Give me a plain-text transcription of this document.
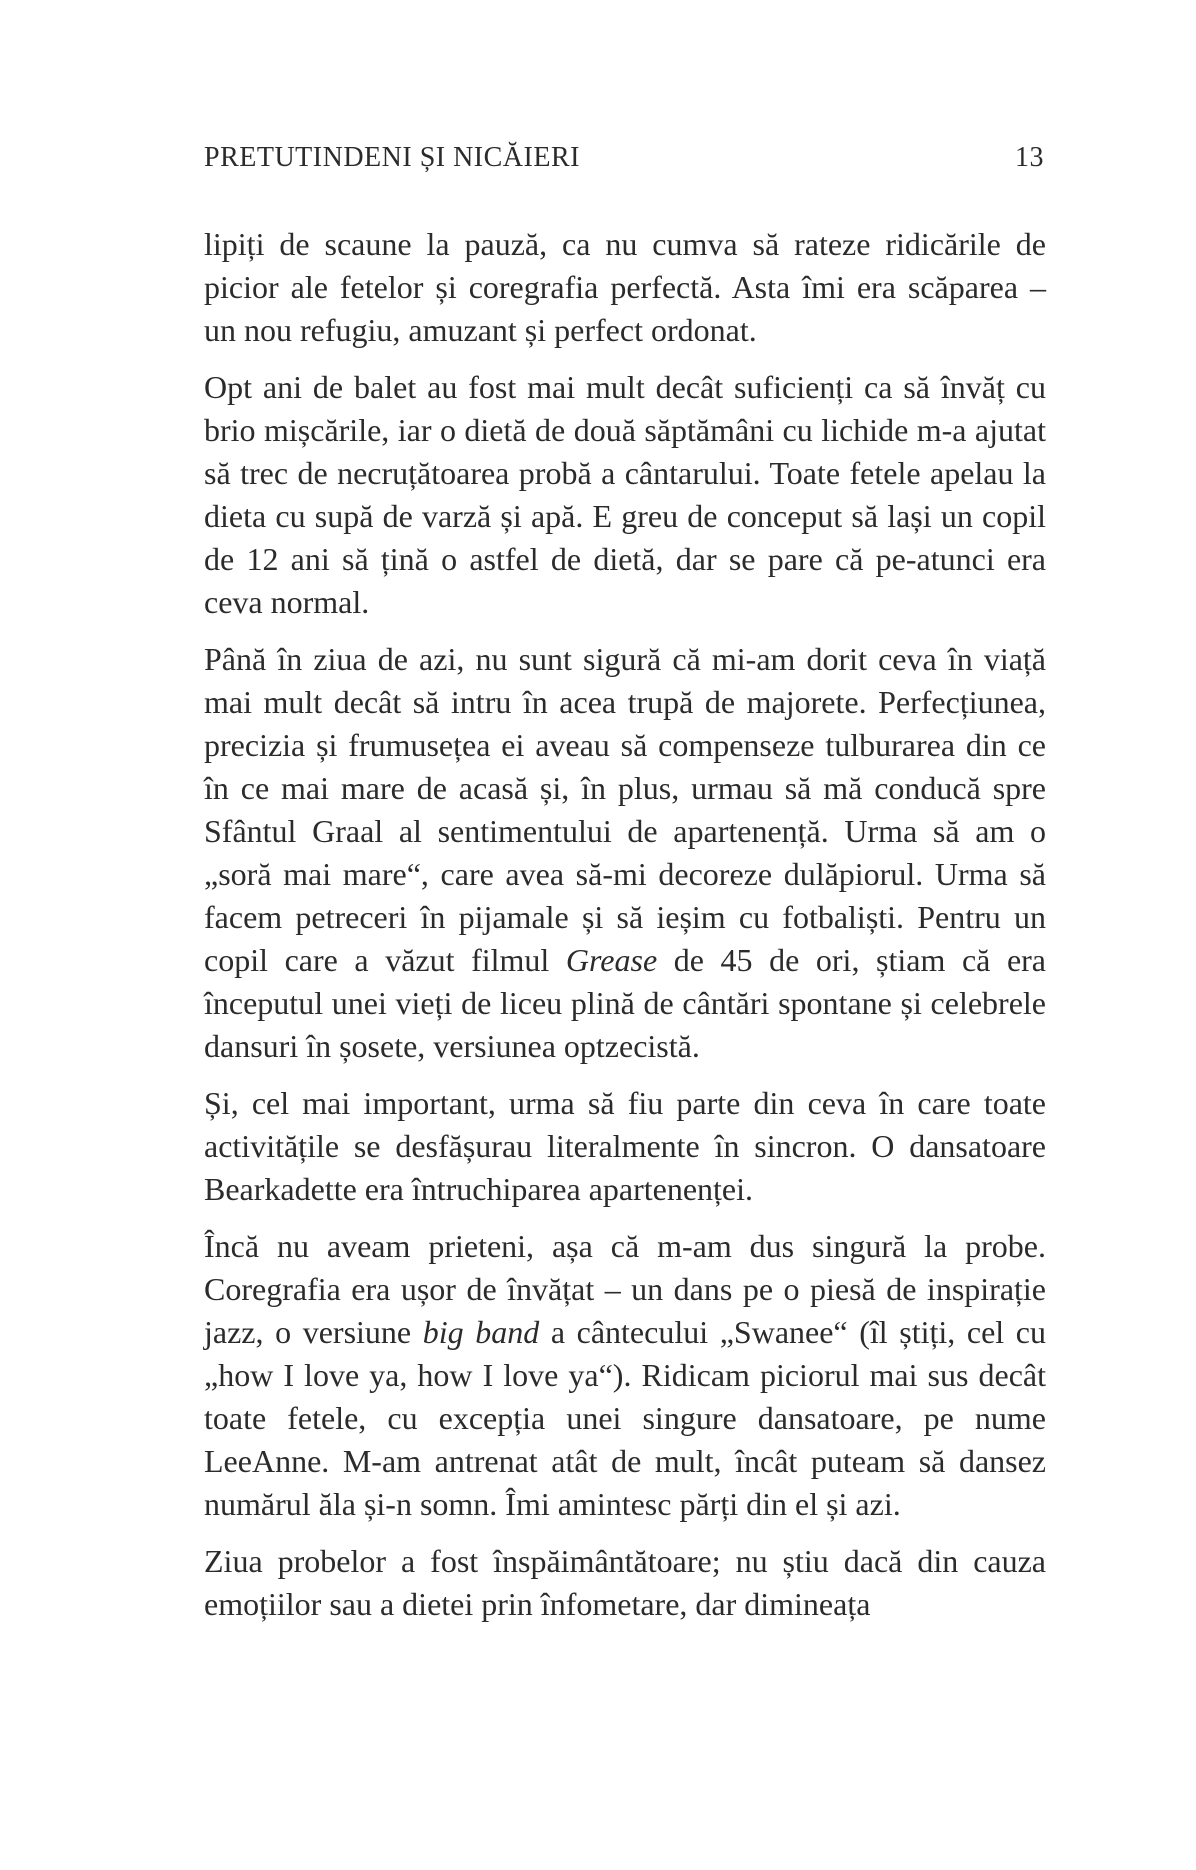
PRETUTINDENI ȘI NICĂIERI	13

lipiți de scaune la pauză, ca nu cumva să rateze ridicările de picior ale fetelor și coregrafia perfectă. Asta îmi era scăparea – un nou refugiu, amuzant și perfect ordonat.

Opt ani de balet au fost mai mult decât suficienți ca să învăț cu brio mișcările, iar o dietă de două săptămâni cu lichide m-a ajutat să trec de necruțătoarea probă a cântarului. Toate fetele apelau la dieta cu supă de varză și apă. E greu de conceput să lași un copil de 12 ani să țină o astfel de dietă, dar se pare că pe-atunci era ceva normal.

Până în ziua de azi, nu sunt sigură că mi-am dorit ceva în viață mai mult decât să intru în acea trupă de majorete. Perfecțiunea, precizia și frumusețea ei aveau să compenseze tulburarea din ce în ce mai mare de acasă și, în plus, urmau să mă conducă spre Sfântul Graal al sentimentului de apartenență. Urma să am o „soră mai mare“, care avea să-mi decoreze dulăpiorul. Urma să facem petreceri în pijamale și să ieșim cu fotbaliști. Pentru un copil care a văzut filmul Grease de 45 de ori, știam că era începutul unei vieți de liceu plină de cântări spontane și celebrele dansuri în șosete, versiunea optzecistă.

Și, cel mai important, urma să fiu parte din ceva în care toate activitățile se desfășurau literalmente în sincron. O dansatoare Bearkadette era întruchiparea apartenenței.

Încă nu aveam prieteni, așa că m-am dus singură la probe. Coregrafia era ușor de învățat – un dans pe o piesă de inspirație jazz, o versiune big band a cântecului „Swanee“ (îl știți, cel cu „how I love ya, how I love ya“). Ridicam piciorul mai sus decât toate fetele, cu excepția unei singure dansatoare, pe nume LeeAnne. M-am antrenat atât de mult, încât puteam să dansez numărul ăla și-n somn. Îmi amintesc părți din el și azi.

Ziua probelor a fost înspăimântătoare; nu știu dacă din cauza emoțiilor sau a dietei prin înfometare, dar dimineața
